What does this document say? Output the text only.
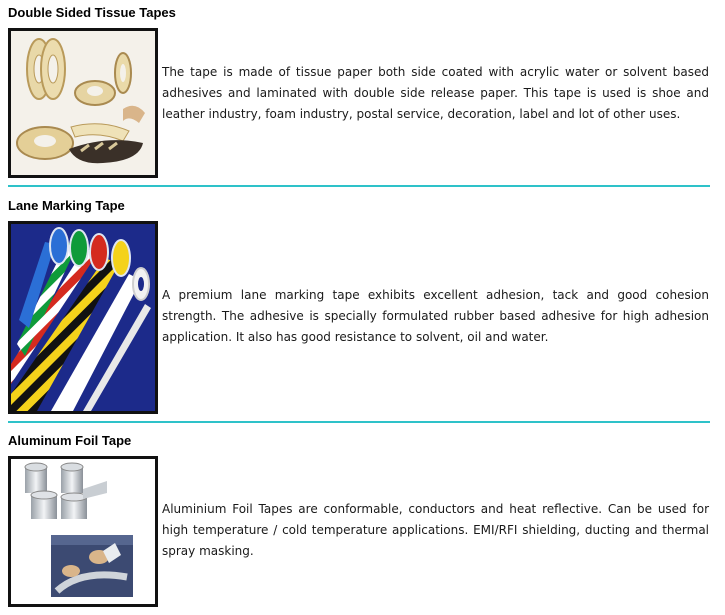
Double Sided Tissue Tapes

The tape is made of tissue paper both side coated with acrylic water or solvent based adhesives and laminated with double side release paper. This tape is used is shoe and leather industry, foam industry, postal service, decoration, label and lot of other uses.

Lane Marking Tape

A premium lane marking tape exhibits excellent adhesion, tack and good cohesion strength. The adhesive is specially formulated rubber based adhesive for high adhesion application. It also has good resistance to solvent, oil and water.

Aluminum Foil Tape

Aluminium Foil Tapes are conformable, conductors and heat reflective. Can be used for high temperature / cold temperature applications. EMI/RFI shielding, ducting and thermal spray masking.
